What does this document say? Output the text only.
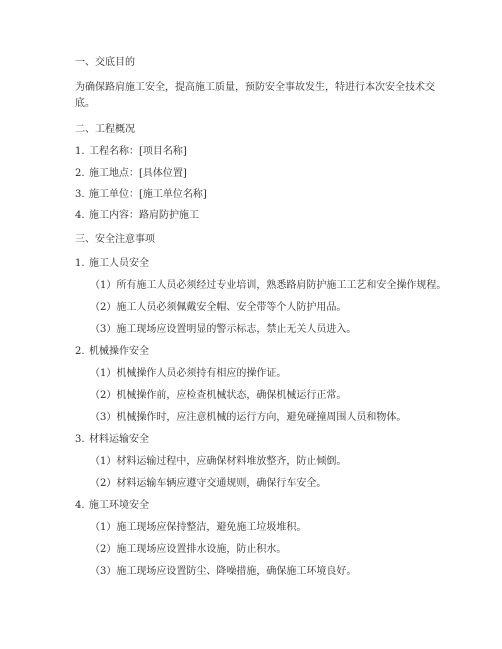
一、交底目的
为确保路肩施工安全，提高施工质量，预防安全事故发生，特进行本次安全技术交底。
二、工程概况
1. 工程名称：[项目名称]
2. 施工地点：[具体位置]
3. 施工单位：[施工单位名称]
4. 施工内容：路肩防护施工
三、安全注意事项
1. 施工人员安全
（1）所有施工人员必须经过专业培训，熟悉路肩防护施工工艺和安全操作规程。
（2）施工人员必须佩戴安全帽、安全带等个人防护用品。
（3）施工现场应设置明显的警示标志，禁止无关人员进入。
2. 机械操作安全
（1）机械操作人员必须持有相应的操作证。
（2）机械操作前，应检查机械状态，确保机械运行正常。
（3）机械操作时，应注意机械的运行方向，避免碰撞周围人员和物体。
3. 材料运输安全
（1）材料运输过程中，应确保材料堆放整齐，防止倾倒。
（2）材料运输车辆应遵守交通规则，确保行车安全。
4. 施工环境安全
（1）施工现场应保持整洁，避免施工垃圾堆积。
（2）施工现场应设置排水设施，防止积水。
（3）施工现场应设置防尘、降噪措施，确保施工环境良好。
